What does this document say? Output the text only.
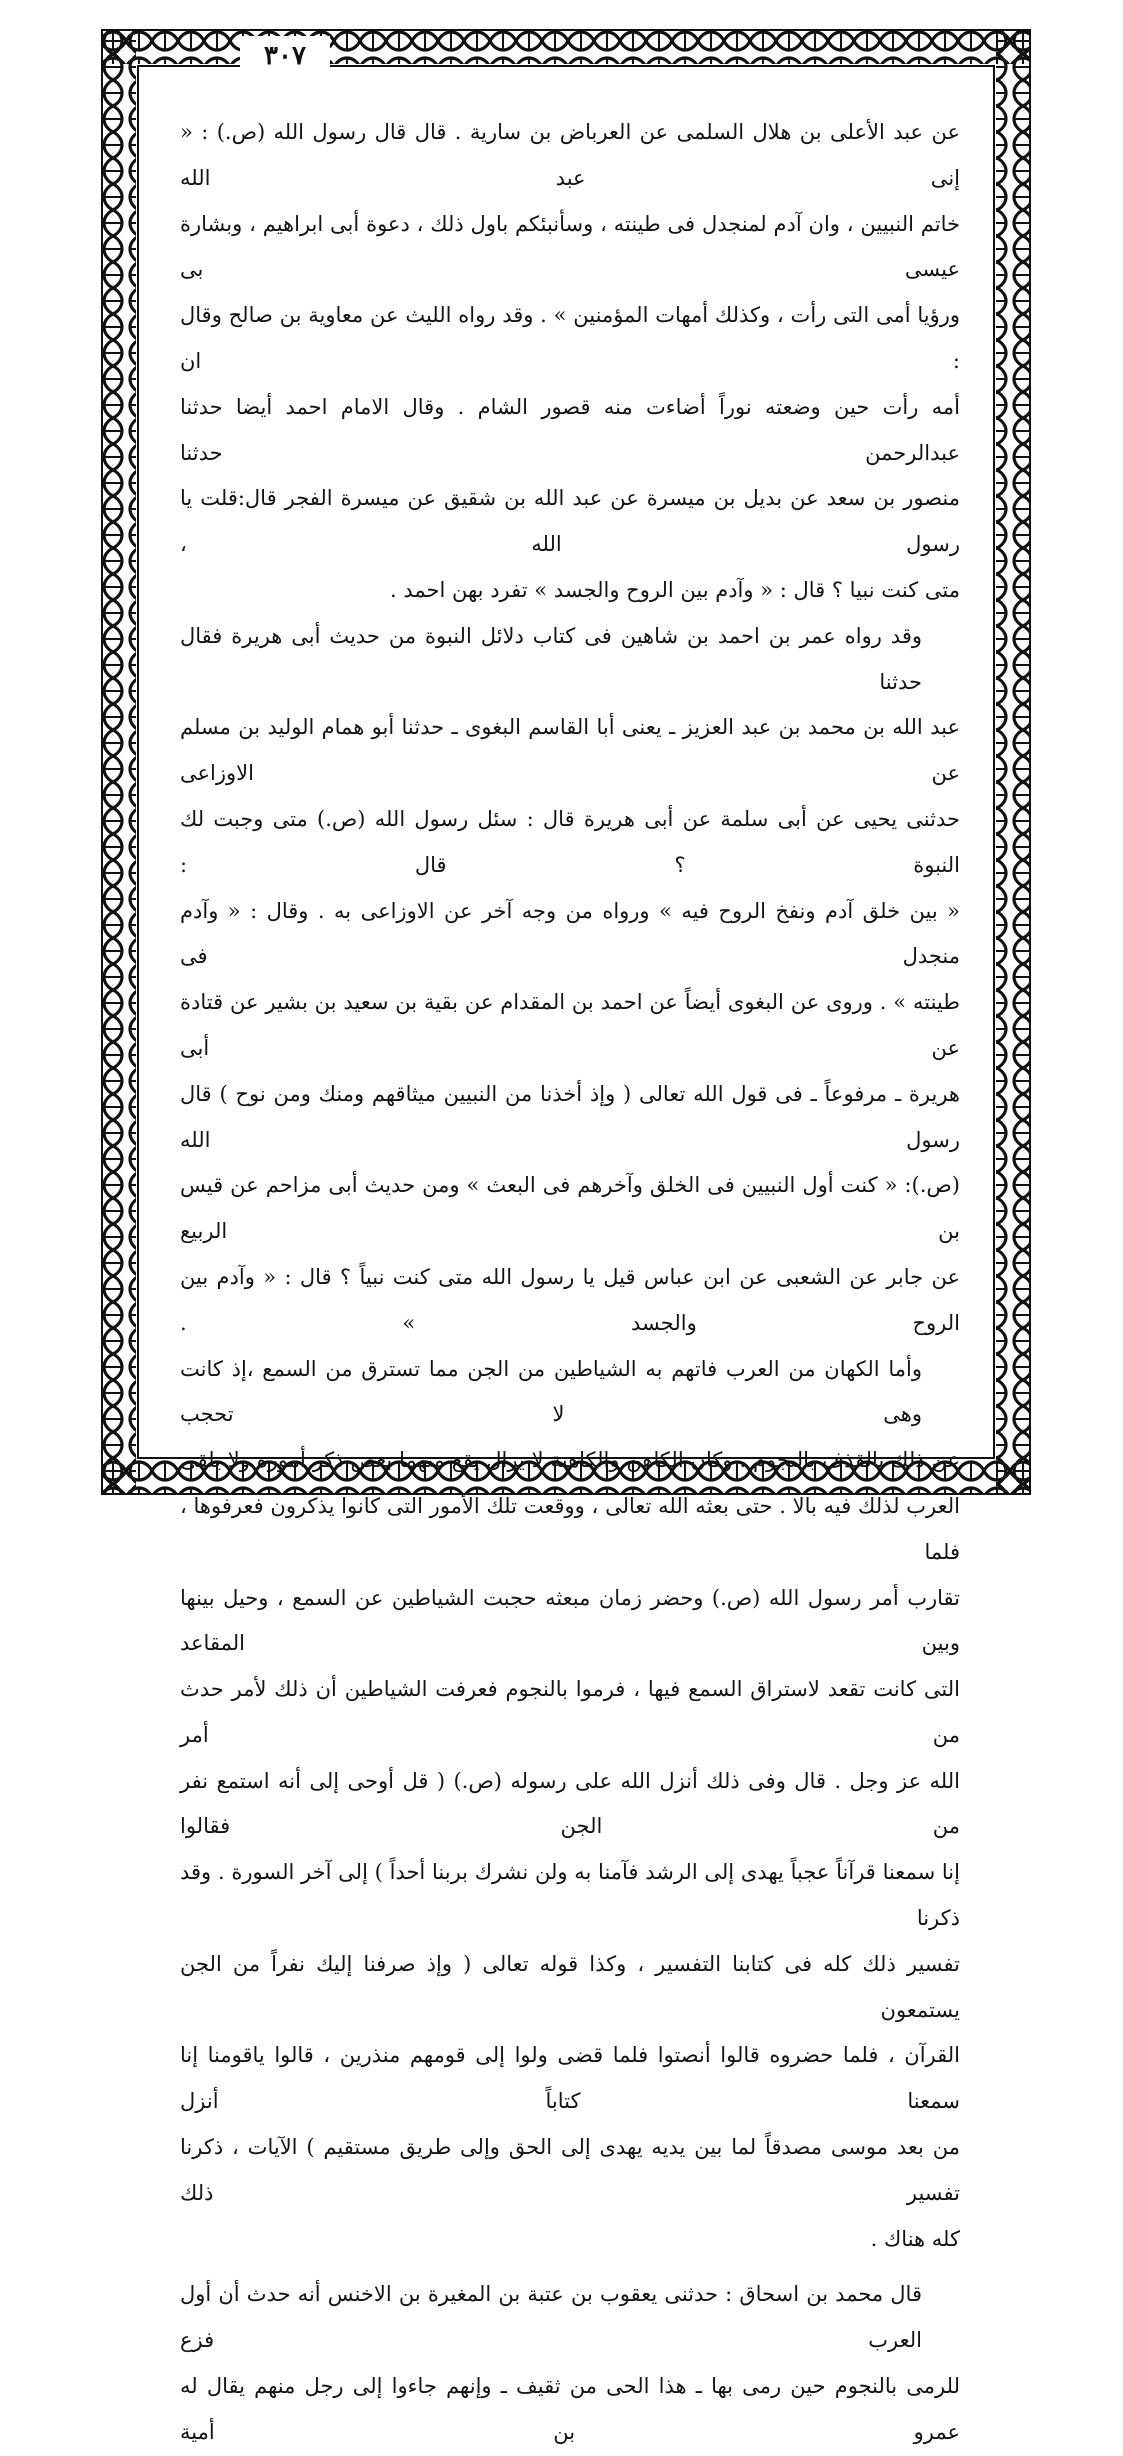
٣٠٧

عن عبد الأعلى بن هلال السلمى عن العرباض بن سارية . قال قال رسول الله (ص.) : « إنى عبد الله

خاتم النبيين ، وان آدم لمنجدل فى طينته ، وسأنبئكم باول ذلك ، دعوة أبى ابراهيم ، وبشارة عيسى بى

ورؤيا أمى التى رأت ، وكذلك أمهات المؤمنين » . وقد رواه الليث عن معاوية بن صالح وقال : ان

أمه رأت حين وضعته نوراً أضاءت منه قصور الشام . وقال الامام احمد أيضا حدثنا عبدالرحمن حدثنا

منصور بن سعد عن بديل بن ميسرة عن عبد الله بن شقيق عن ميسرة الفجر قال:قلت يا رسول الله ،

متى كنت نبيا ؟ قال : « وآدم بين الروح والجسد » تفرد بهن احمد .

وقد رواه عمر بن احمد بن شاهين فى كتاب دلائل النبوة من حديث أبى هريرة فقال حدثنا

عبد الله بن محمد بن عبد العزيز ـ يعنى أبا القاسم البغوى ـ حدثنا أبو همام الوليد بن مسلم عن الاوزاعى

حدثنى يحيى عن أبى سلمة عن أبى هريرة قال : سئل رسول الله (ص.) متى وجبت لك النبوة ؟ قال :

« بين خلق آدم ونفخ الروح فيه » ورواه من وجه آخر عن الاوزاعى به . وقال : « وآدم منجدل فى

طينته » . وروى عن البغوى أيضاً عن احمد بن المقدام عن بقية بن سعيد بن بشير عن قتادة عن أبى

هريرة ـ مرفوعاً ـ فى قول الله تعالى ( وإذ أخذنا من النبيين ميثاقهم ومنك ومن نوح ) قال رسول الله

(ص.): « كنت أول النبيين فى الخلق وآخرهم فى البعث » ومن حديث أبى مزاحم عن قيس بن الربيع

عن جابر عن الشعبى عن ابن عباس قيل يا رسول الله متى كنت نبياً ؟ قال : « وآدم بين الروح والجسد » .

وأما الكهان من العرب فاتهم به الشياطين من الجن مما تسترق من السمع ،إذ كانت وهى لا تحجب

عن ذلك بالقذف بالنجوم ، وكان الكاهن والكاهنة لا يزال يقع منهما بعض ذكر أموره ولا يلقى

العرب لذلك فيه بالا . حتى بعثه الله تعالى ، ووقعت تلك الأمور التى كانوا يذكرون فعرفوها ، فلما

تقارب أمر رسول الله (ص.) وحضر زمان مبعثه حجبت الشياطين عن السمع ، وحيل بينها وبين المقاعد

التى كانت تقعد لاستراق السمع فيها ، فرموا بالنجوم فعرفت الشياطين أن ذلك لأمر حدث من أمر

الله عز وجل . قال وفى ذلك أنزل الله على رسوله (ص.) ( قل أوحى إلى أنه استمع نفر من الجن فقالوا

إنا سمعنا قرآناً عجباً يهدى إلى الرشد فآمنا به ولن نشرك بربنا أحداً ) إلى آخر السورة . وقد ذكرنا

تفسير ذلك كله فى كتابنا التفسير ، وكذا قوله تعالى ( وإذ صرفنا إليك نفراً من الجن يستمعون

القرآن ، فلما حضروه قالوا أنصتوا فلما قضى ولوا إلى قومهم منذرين ، قالوا ياقومنا إنا سمعنا كتاباً أنزل

من بعد موسى مصدقاً لما بين يديه يهدى إلى الحق وإلى طريق مستقيم ) الآيات ، ذكرنا تفسير ذلك

كله هناك .

قال محمد بن اسحاق : حدثنى يعقوب بن عتبة بن المغيرة بن الاخنس أنه حدث أن أول العرب فزع

للرمى بالنجوم حين رمى بها ـ هذا الحى من ثقيف ـ وإنهم جاءوا إلى رجل منهم يقال له عمرو بن أمية
